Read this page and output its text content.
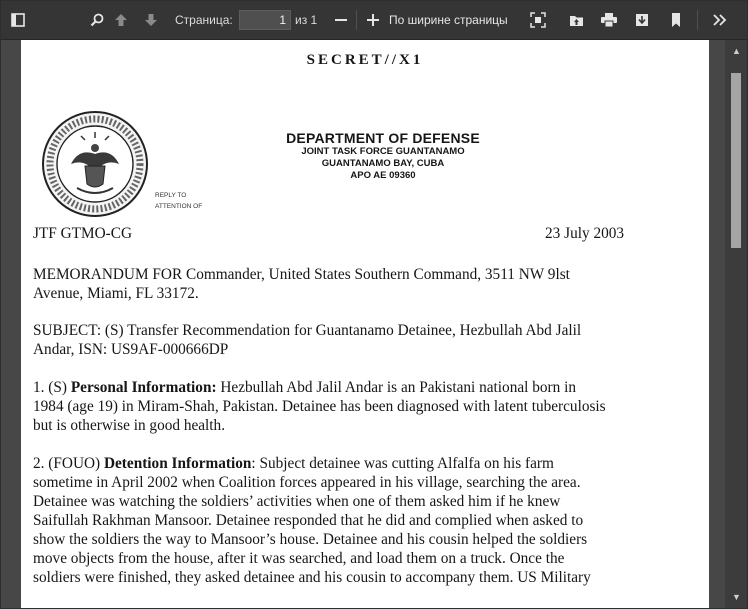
Страница:	1 из 1	По ширине страницы
SECRET//X1
DEPARTMENT OF DEFENSE
JOINT TASK FORCE GUANTANAMO
GUANTANAMO BAY, CUBA
APO AE 09360
REPLY TO
ATTENTION OF
JTF GTMO-CG	23 July 2003
MEMORANDUM FOR Commander, United States Southern Command, 3511 NW 9lst
Avenue, Miami, FL 33172.
SUBJECT: (S) Transfer Recommendation for Guantanamo Detainee, Hezbullah Abd Jalil
Andar, ISN: US9AF-000666DP
1. (S) Personal Information: Hezbullah Abd Jalil Andar is an Pakistani national born in
1984 (age 19) in Miram-Shah, Pakistan. Detainee has been diagnosed with latent tuberculosis
but is otherwise in good health.
2. (FOUO) Detention Information: Subject detainee was cutting Alfalfa on his farm
sometime in April 2002 when Coalition forces appeared in his village, searching the area.
Detainee was watching the soldiers’ activities when one of them asked him if he knew
Saifullah Rakhman Mansoor. Detainee responded that he did and complied when asked to
show the soldiers the way to Mansoor’s house. Detainee and his cousin helped the soldiers
move objects from the house, after it was searched, and load them on a truck. Once the
soldiers were finished, they asked detainee and his cousin to accompany them. US Military
▲
▼
